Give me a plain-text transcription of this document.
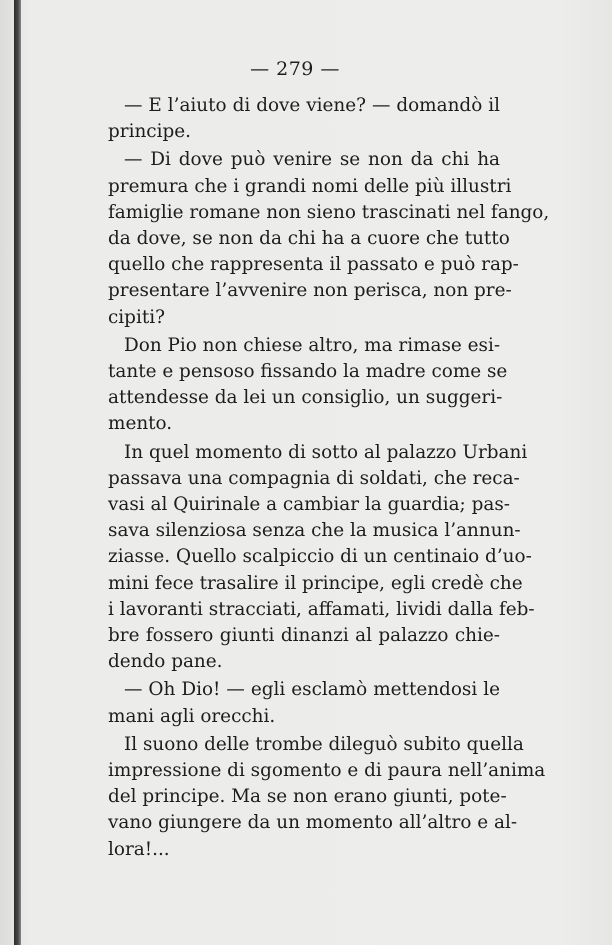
— 279 —

— E l’aiuto di dove viene? — domandò il
principe.

— Di dove può venire se non da chi ha
premura che i grandi nomi delle più illustri
famiglie romane non sieno trascinati nel fango,
da dove, se non da chi ha a cuore che tutto
quello che rappresenta il passato e può rap-
presentare l’avvenire non perisca, non pre-
cipiti?

Don Pio non chiese altro, ma rimase esi-
tante e pensoso fissando la madre come se
attendesse da lei un consiglio, un suggeri-
mento.

In quel momento di sotto al palazzo Urbani
passava una compagnia di soldati, che reca-
vasi al Quirinale a cambiar la guardia; pas-
sava silenziosa senza che la musica l’annun-
ziasse. Quello scalpiccio di un centinaio d’uo-
mini fece trasalire il principe, egli credè che
i lavoranti stracciati, affamati, lividi dalla feb-
bre fossero giunti dinanzi al palazzo chie-
dendo pane.

— Oh Dio! — egli esclamò mettendosi le
mani agli orecchi.

Il suono delle trombe dileguò subito quella
impressione di sgomento e di paura nell’anima
del principe. Ma se non erano giunti, pote-
vano giungere da un momento all’altro e al-
lora!...
